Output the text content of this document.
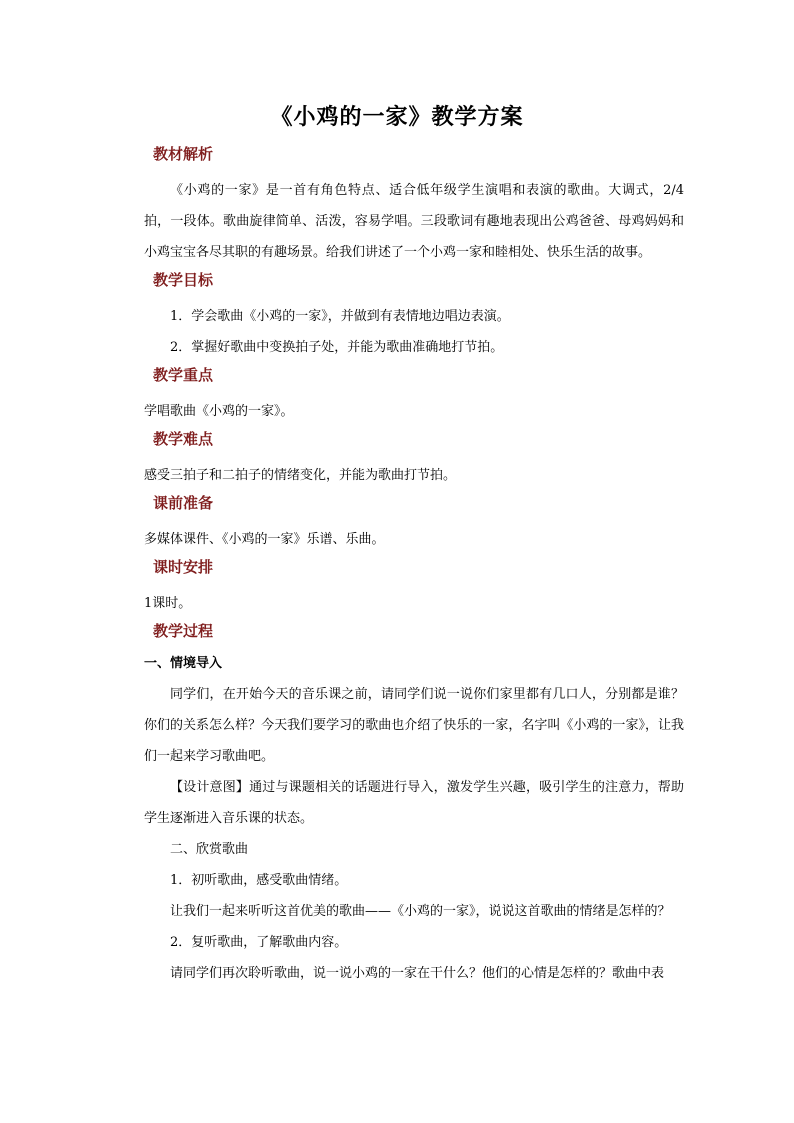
《小鸡的一家》教学方案
教材解析
《小鸡的一家》是一首有角色特点、适合低年级学生演唱和表演的歌曲。大调式，2/4拍，一段体。歌曲旋律简单、活泼，容易学唱。三段歌词有趣地表现出公鸡爸爸、母鸡妈妈和小鸡宝宝各尽其职的有趣场景。给我们讲述了一个小鸡一家和睦相处、快乐生活的故事。
教学目标
1．学会歌曲《小鸡的一家》，并做到有表情地边唱边表演。
2．掌握好歌曲中变换拍子处，并能为歌曲准确地打节拍。
教学重点
学唱歌曲《小鸡的一家》。
教学难点
感受三拍子和二拍子的情绪变化，并能为歌曲打节拍。
课前准备
多媒体课件、《小鸡的一家》乐谱、乐曲。
课时安排
1课时。
教学过程
一、情境导入
同学们，在开始今天的音乐课之前，请同学们说一说你们家里都有几口人，分别都是谁？你们的关系怎么样？今天我们要学习的歌曲也介绍了快乐的一家，名字叫《小鸡的一家》，让我们一起来学习歌曲吧。
【设计意图】通过与课题相关的话题进行导入，激发学生兴趣，吸引学生的注意力，帮助学生逐渐进入音乐课的状态。
二、欣赏歌曲
1．初听歌曲，感受歌曲情绪。
让我们一起来听听这首优美的歌曲——《小鸡的一家》，说说这首歌曲的情绪是怎样的？
2．复听歌曲，了解歌曲内容。
请同学们再次聆听歌曲，说一说小鸡的一家在干什么？他们的心情是怎样的？歌曲中表
